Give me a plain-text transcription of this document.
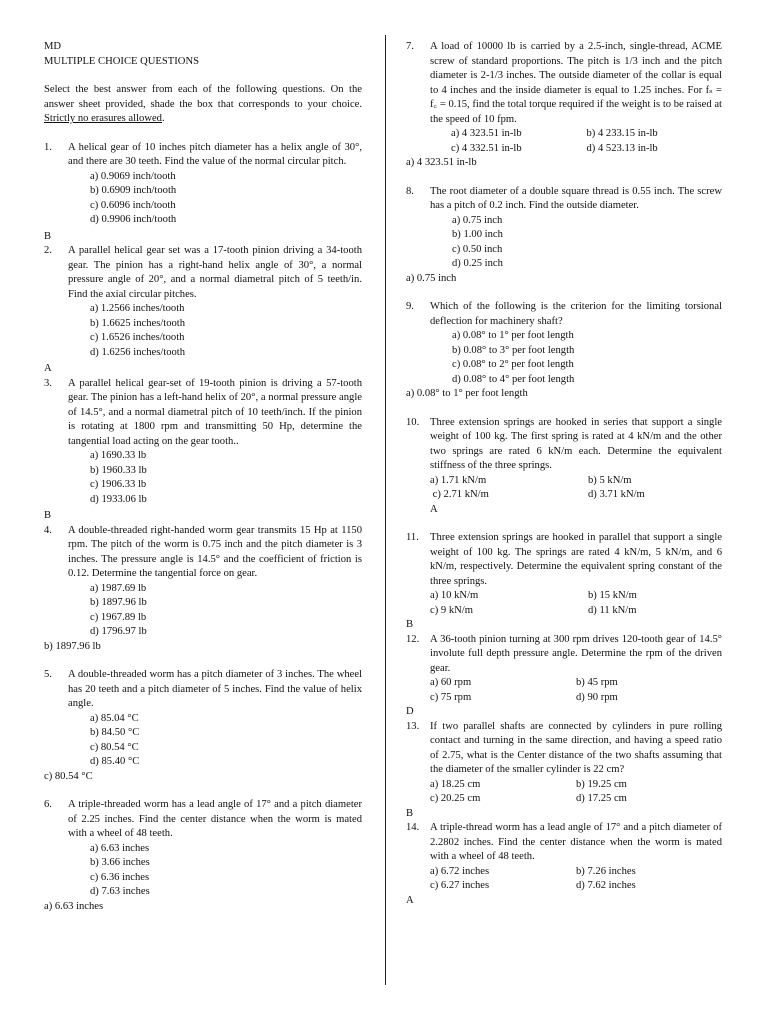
MD

MULTIPLE CHOICE QUESTIONS

Select the best answer from each of the following questions. On the answer sheet provided, shade the box that corresponds to your choice. Strictly no erasures allowed.

1. A helical gear of 10 inches pitch diameter has a helix angle of 30°, and there are 30 teeth. Find the value of the normal circular pitch.

a) 0.9069 inch/tooth

b) 0.6909 inch/tooth

c) 0.6096 inch/tooth

d) 0.9906 inch/tooth

B

2. A parallel helical gear set was a 17-tooth pinion driving a 34-tooth gear. The pinion has a right-hand helix angle of 30°, a normal pressure angle of 20°, and a normal diametral pitch of 5 teeth/in. Find the axial circular pitches.

a) 1.2566 inches/tooth

b) 1.6625 inches/tooth

c) 1.6526 inches/tooth

d) 1.6256 inches/tooth

A

3. A parallel helical gear-set of 19-tooth pinion is driving a 57-tooth gear. The pinion has a left-hand helix of 20°, a normal pressure angle of 14.5°, and a normal diametral pitch of 10 teeth/inch. If the pinion is rotating at 1800 rpm and transmitting 50 Hp, determine the tangential load acting on the gear tooth..

a) 1690.33 lb

b) 1960.33 lb

c) 1906.33 lb

d) 1933.06 lb

B

4. A double-threaded right-handed worm gear transmits 15 Hp at 1150 rpm. The pitch of the worm is 0.75 inch and the pitch diameter is 3 inches. The pressure angle is 14.5° and the coefficient of friction is 0.12. Determine the tangential force on gear.

a) 1987.69 lb

b) 1897.96 lb

c) 1967.89 lb

d) 1796.97 lb

b) 1897.96 lb

5. A double-threaded worm has a pitch diameter of 3 inches. The wheel has 20 teeth and a pitch diameter of 5 inches. Find the value of helix angle.

a) 85.04 °C

b) 84.50 °C

c) 80.54 °C

d) 85.40 °C

c) 80.54 °C

6. A triple-threaded worm has a lead angle of 17° and a pitch diameter of 2.25 inches. Find the center distance when the worm is mated with a wheel of 48 teeth.

a) 6.63 inches

b) 3.66 inches

c) 6.36 inches

d) 7.63 inches

a) 6.63 inches

7. A load of 10000 lb is carried by a 2.5-inch, single-thread, ACME screw of standard proportions. The pitch is 1/3 inch and the pitch diameter is 2-1/3 inches. The outside diameter of the collar is equal to 4 inches and the inside diameter is equal to 1.25 inches. For fₛ = f꜀ = 0.15, find the total torque required if the weight is to be raised at the speed of 10 fpm.

a) 4 323.51 in-lb	b) 4 233.15 in-lb
c) 4 332.51 in-lb	d) 4 523.13 in-lb

a) 4 323.51 in-lb

8. The root diameter of a double square thread is 0.55 inch. The screw has a pitch of 0.2 inch. Find the outside diameter.

a) 0.75 inch

b) 1.00 inch

c) 0.50 inch

d) 0.25 inch

a) 0.75 inch

9. Which of the following is the criterion for the limiting torsional deflection for machinery shaft?

a) 0.08° to 1° per foot length

b) 0.08° to 3° per foot length

c) 0.08° to 2° per foot length

d) 0.08° to 4° per foot length

a) 0.08° to 1° per foot length

10. Three extension springs are hooked in series that support a single weight of 100 kg. The first spring is rated at 4 kN/m and the other two springs are rated 6 kN/m each. Determine the equivalent stiffness of the three springs.

a) 1.71 kN/m	b) 5 kN/m
c) 2.71 kN/m	d) 3.71 kN/m

A

11. Three extension springs are hooked in parallel that support a single weight of 100 kg. The springs are rated 4 kN/m, 5 kN/m, and 6 kN/m, respectively. Determine the equivalent spring constant of the three springs.

a) 10 kN/m	b) 15 kN/m
c) 9 kN/m	d) 11 kN/m

B

12. A 36-tooth pinion turning at 300 rpm drives 120-tooth gear of 14.5° involute full depth pressure angle. Determine the rpm of the driven gear.

a) 60 rpm	b) 45 rpm
c) 75 rpm	d) 90 rpm

D

13. If two parallel shafts are connected by cylinders in pure rolling contact and turning in the same direction, and having a speed ratio of 2.75, what is the Center distance of the two shafts assuming that the diameter of the smaller cylinder is 22 cm?

a) 18.25 cm	b) 19.25 cm
c) 20.25 cm	d) 17.25 cm

B

14. A triple-thread worm has a lead angle of 17° and a pitch diameter of 2.2802 inches. Find the center distance when the worm is mated with a wheel of 48 teeth.

a) 6.72 inches	b) 7.26 inches
c) 6.27 inches	d) 7.62 inches

A
